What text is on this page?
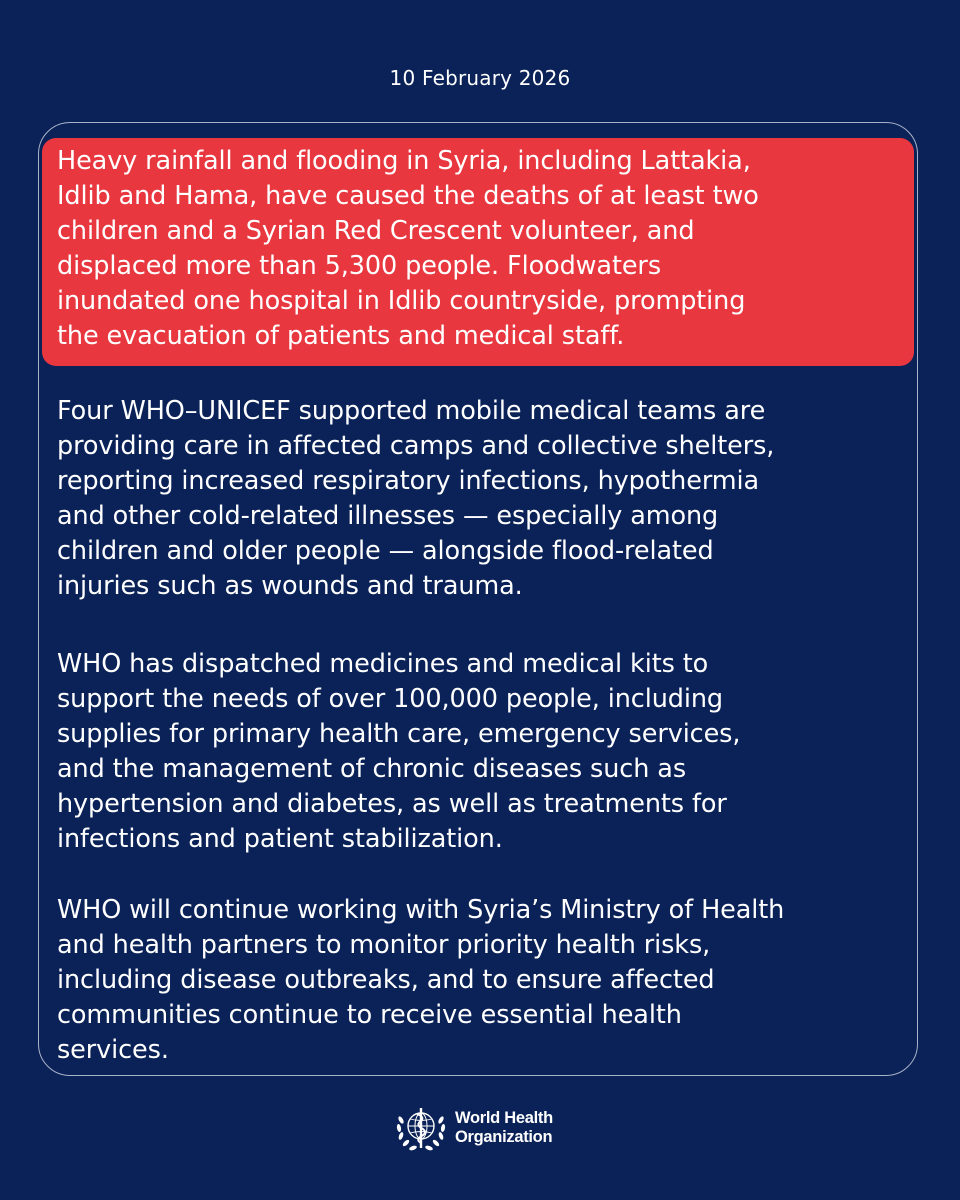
10 February 2026

Heavy rainfall and flooding in Syria, including Lattakia,
Idlib and Hama, have caused the deaths of at least two
children and a Syrian Red Crescent volunteer, and
displaced more than 5,300 people. Floodwaters
inundated one hospital in Idlib countryside, prompting
the evacuation of patients and medical staff.

Four WHO–UNICEF supported mobile medical teams are
providing care in affected camps and collective shelters,
reporting increased respiratory infections, hypothermia
and other cold-related illnesses — especially among
children and older people — alongside flood-related
injuries such as wounds and trauma.

WHO has dispatched medicines and medical kits to
support the needs of over 100,000 people, including
supplies for primary health care, emergency services,
and the management of chronic diseases such as
hypertension and diabetes, as well as treatments for
infections and patient stabilization.

WHO will continue working with Syria’s Ministry of Health
and health partners to monitor priority health risks,
including disease outbreaks, and to ensure affected
communities continue to receive essential health
services.

World Health
Organization
